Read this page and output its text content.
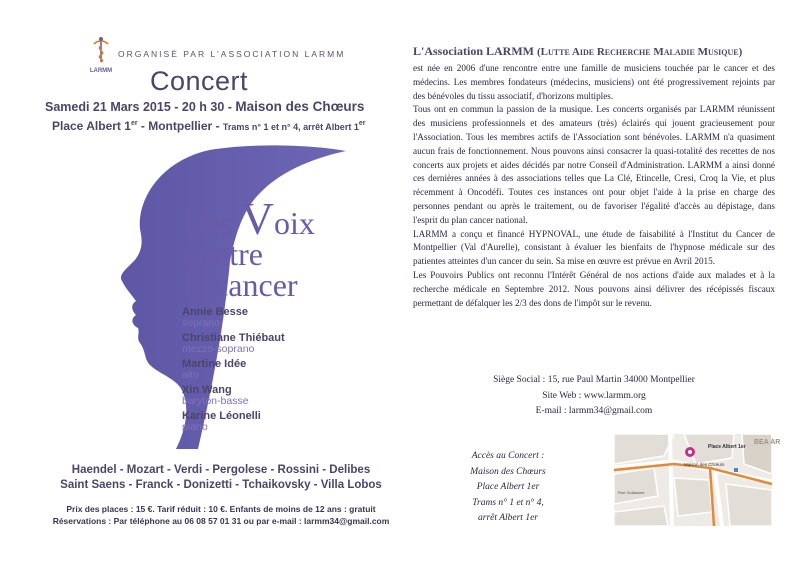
LARMM
ORGANISÉ PAR L'ASSOCIATION LARMM
Concert
Samedi 21 Mars 2015 - 20 h 30 - Maison des Chœurs
Place Albert 1er - Montpellier - Trams n° 1 et n° 4, arrêt Albert 1er
Des Voix
contre
le cancer
Annie Besse
soprano
Christiane Thiébaut
mezzo-soprano
Martine Idée
alto
Xin Wang
baryton-basse
Karine Léonelli
piano
Haendel - Mozart - Verdi - Pergolese - Rossini - Delibes
Saint Saens - Franck - Donizetti - Tchaikovsky - Villa Lobos
Prix des places : 15 €. Tarif réduit : 10 €. Enfants de moins de 12 ans : gratuit
Réservations : Par téléphone au 06 08 57 01 31 ou par e-mail : larmm34@gmail.com
L'Association LARMM (Lutte Aide Recherche Maladie Musique)

est née en 2006 d'une rencontre entre une famille de musiciens touchée par le cancer et des médecins. Les membres fondateurs (médecins, musiciens) ont été progressivement rejoints par des bénévoles du tissu associatif, d'horizons multiples.

Tous ont en commun la passion de la musique. Les concerts organisés par LARMM réunissent des musiciens professionnels et des amateurs (très) éclairés qui jouent gracieusement pour l'Association. Tous les membres actifs de l'Association sont bénévoles. LARMM n'a quasiment aucun frais de fonctionnement. Nous pouvons ainsi consacrer la quasi-totalité des recettes de nos concerts aux projets et aides décidés par notre Conseil d'Administration. LARMM a ainsi donné ces dernières années à des associations telles que La Clé, Etincelle, Cresi, Croq la Vie, et plus récemment à Oncodéfi. Toutes ces instances ont pour objet l'aide à la prise en charge des personnes pendant ou après le traitement, ou de favoriser l'égalité d'accès au dépistage, dans l'esprit du plan cancer national.

LARMM a conçu et financé HYPNOVAL, une étude de faisabilité à l'Institut du Cancer de Montpellier (Val d'Aurelle), consistant à évaluer les bienfaits de l'hypnose médicale sur des patientes atteintes d'un cancer du sein. Sa mise en œuvre est prévue en Avril 2015.

Les Pouvoirs Publics ont reconnu l'Intérêt Général de nos actions d'aide aux malades et à la recherche médicale en Septembre 2012. Nous pouvons ainsi délivrer des récépissés fiscaux permettant de défalquer les 2/3 des dons de l'impôt sur le revenu.

Siège Social : 15, rue Paul Martin 34000 Montpellier
Site Web : www.larmm.org
E-mail : larmm34@gmail.com
Accès au Concert :
Maison des Chœurs
Place Albert 1er
Trams n° 1 et n° 4,
arrêt Albert 1er
Maison des Chœurs
Place Albert 1er
BEA AR
Rue Guillaume
